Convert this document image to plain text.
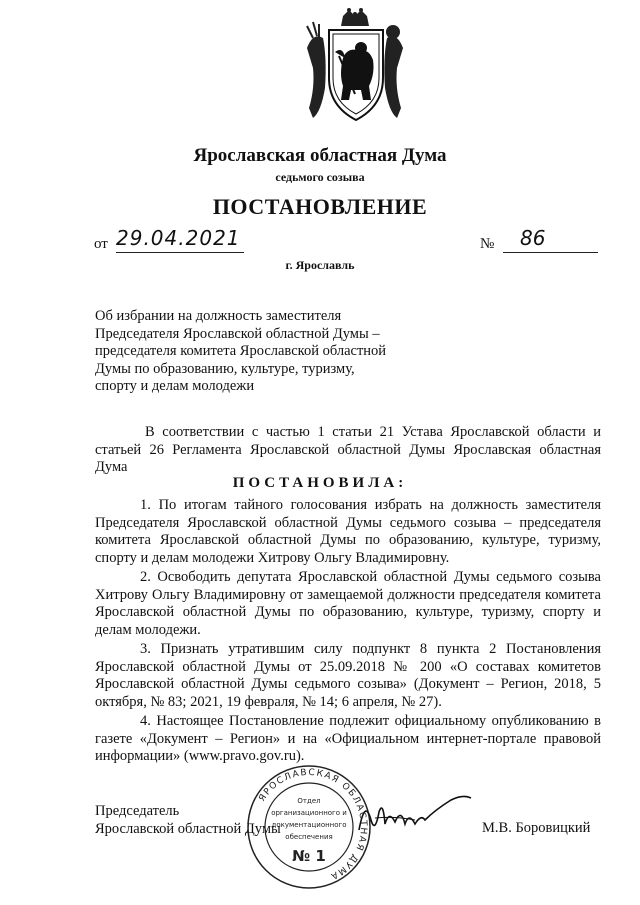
Ярославская областная Дума
седьмого созыва
ПОСТАНОВЛЕНИЕ
от 29.04.2021	№ 86
г. Ярославль
Об избрании на должность заместителя
Председателя Ярославской областной Думы –
председателя комитета Ярославской областной
Думы по образованию, культуре, туризму,
спорту и делам молодежи
В соответствии с частью 1 статьи 21 Устава Ярославской области и статьей 26 Регламента Ярославской областной Думы Ярославская областная Дума
ПОСТАНОВИЛА:

1. По итогам тайного голосования избрать на должность заместителя Председателя Ярославской областной Думы седьмого созыва – председателя комитета Ярославской областной Думы по образованию, культуре, туризму, спорту и делам молодежи Хитрову Ольгу Владимировну.

2. Освободить депутата Ярославской областной Думы седьмого созыва Хитрову Ольгу Владимировну от замещаемой должности председателя комитета Ярославской областной Думы по образованию, культуре, туризму, спорту и делам молодежи.

3. Признать утратившим силу подпункт 8 пункта 2 Постановления Ярославской областной Думы от 25.09.2018 № 200 «О составах комитетов Ярославской областной Думы седьмого созыва» (Документ – Регион, 2018, 5 октября, № 83; 2021, 19 февраля, № 14; 6 апреля, № 27).

4. Настоящее Постановление подлежит официальному опубликованию в газете «Документ – Регион» и на «Официальном интернет-портале правовой информации» (www.pravo.gov.ru).

Председатель
Ярославской областной Думы
ЯРОСЛАВСКАЯ ОБЛАСТНАЯ ДУМА
Отдел
организационного и
документационного
обеспечения
№ 1
М.В. Боровицкий
